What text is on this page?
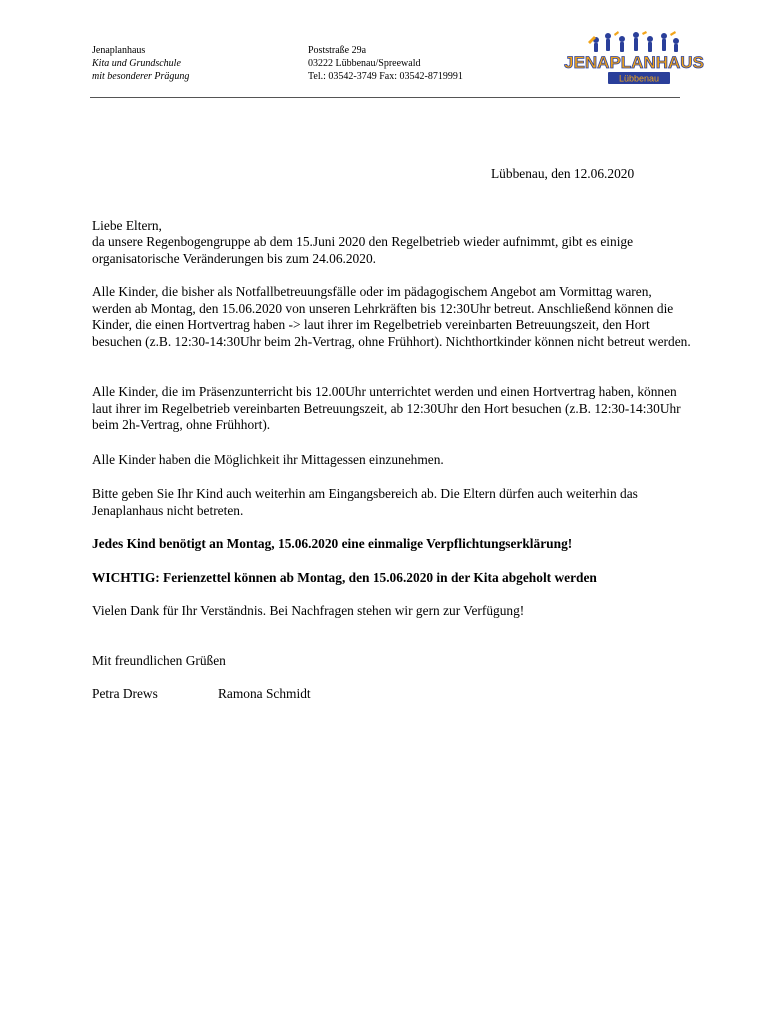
Jenaplanhaus
Kita und Grundschule
mit besonderer Prägung
Poststraße 29a
03222 Lübbenau/Spreewald
Tel.: 03542-3749 Fax: 03542-8719991
JENAPLANHAUS
Lübbenau
Lübbenau, den 12.06.2020
Liebe Eltern,
da unsere Regenbogengruppe ab dem 15.Juni 2020 den Regelbetrieb wieder aufnimmt, gibt es einige organisatorische Veränderungen bis zum 24.06.2020.
Alle Kinder, die bisher als Notfallbetreuungsfälle oder im pädagogischem Angebot am Vormittag waren, werden ab Montag, den 15.06.2020 von unseren Lehrkräften bis 12:30Uhr betreut. Anschließend können die Kinder, die einen Hortvertrag haben -> laut ihrer im Regelbetrieb vereinbarten Betreuungszeit, den Hort besuchen (z.B. 12:30-14:30Uhr beim 2h-Vertrag, ohne Frühhort). Nichthortkinder können nicht betreut werden.
Alle Kinder, die im Präsenzunterricht bis 12.00Uhr unterrichtet werden und einen Hortvertrag haben, können laut ihrer im Regelbetrieb vereinbarten Betreuungszeit, ab 12:30Uhr den Hort besuchen (z.B. 12:30-14:30Uhr beim 2h-Vertrag, ohne Frühhort).
Alle Kinder haben die Möglichkeit ihr Mittagessen einzunehmen.
Bitte geben Sie Ihr Kind auch weiterhin am Eingangsbereich ab. Die Eltern dürfen auch weiterhin das Jenaplanhaus nicht betreten.
Jedes Kind benötigt an Montag, 15.06.2020 eine einmalige Verpflichtungserklärung!
WICHTIG: Ferienzettel können ab Montag, den 15.06.2020 in der Kita abgeholt werden
Vielen Dank für Ihr Verständnis. Bei Nachfragen stehen wir gern zur Verfügung!
Mit freundlichen Grüßen
Petra Drews	Ramona Schmidt
